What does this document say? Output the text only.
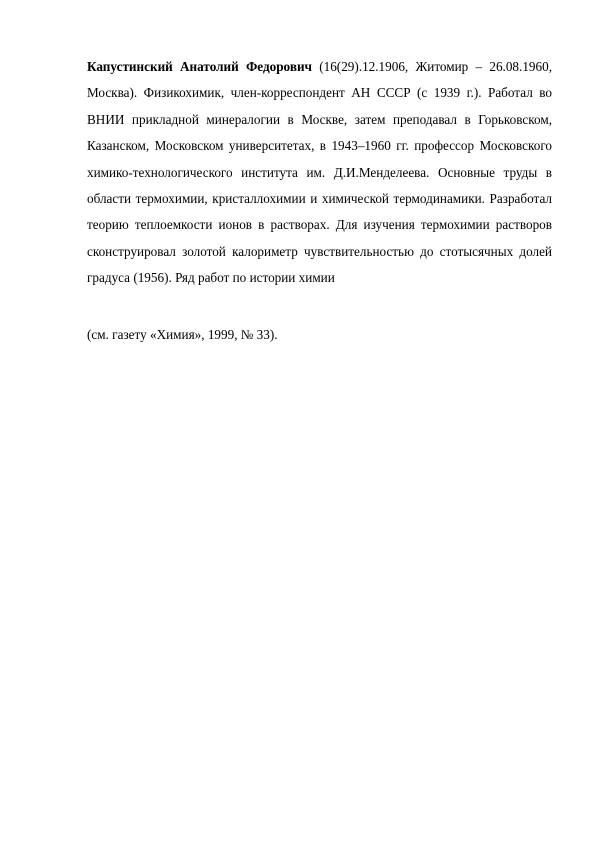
Капустинский Анатолий Федорович (16(29).12.1906, Житомир – 26.08.1960, Москва). Физикохимик, член-корреспондент АН СССР (с 1939 г.). Работал во ВНИИ прикладной минералогии в Москве, затем преподавал в Горьковском, Казанском, Московском университетах, в 1943–1960 гг. профессор Московского химико-технологического института им. Д.И.Менделеева. Основные труды в области термохимии, кристаллохимии и химической термодинамики. Разработал теорию теплоемкости ионов в растворах. Для изучения термохимии растворов сконструировал золотой калориметр чувствительностью до стотысячных долей градуса (1956). Ряд работ по истории химии

(см. газету «Химия», 1999, № 33).
